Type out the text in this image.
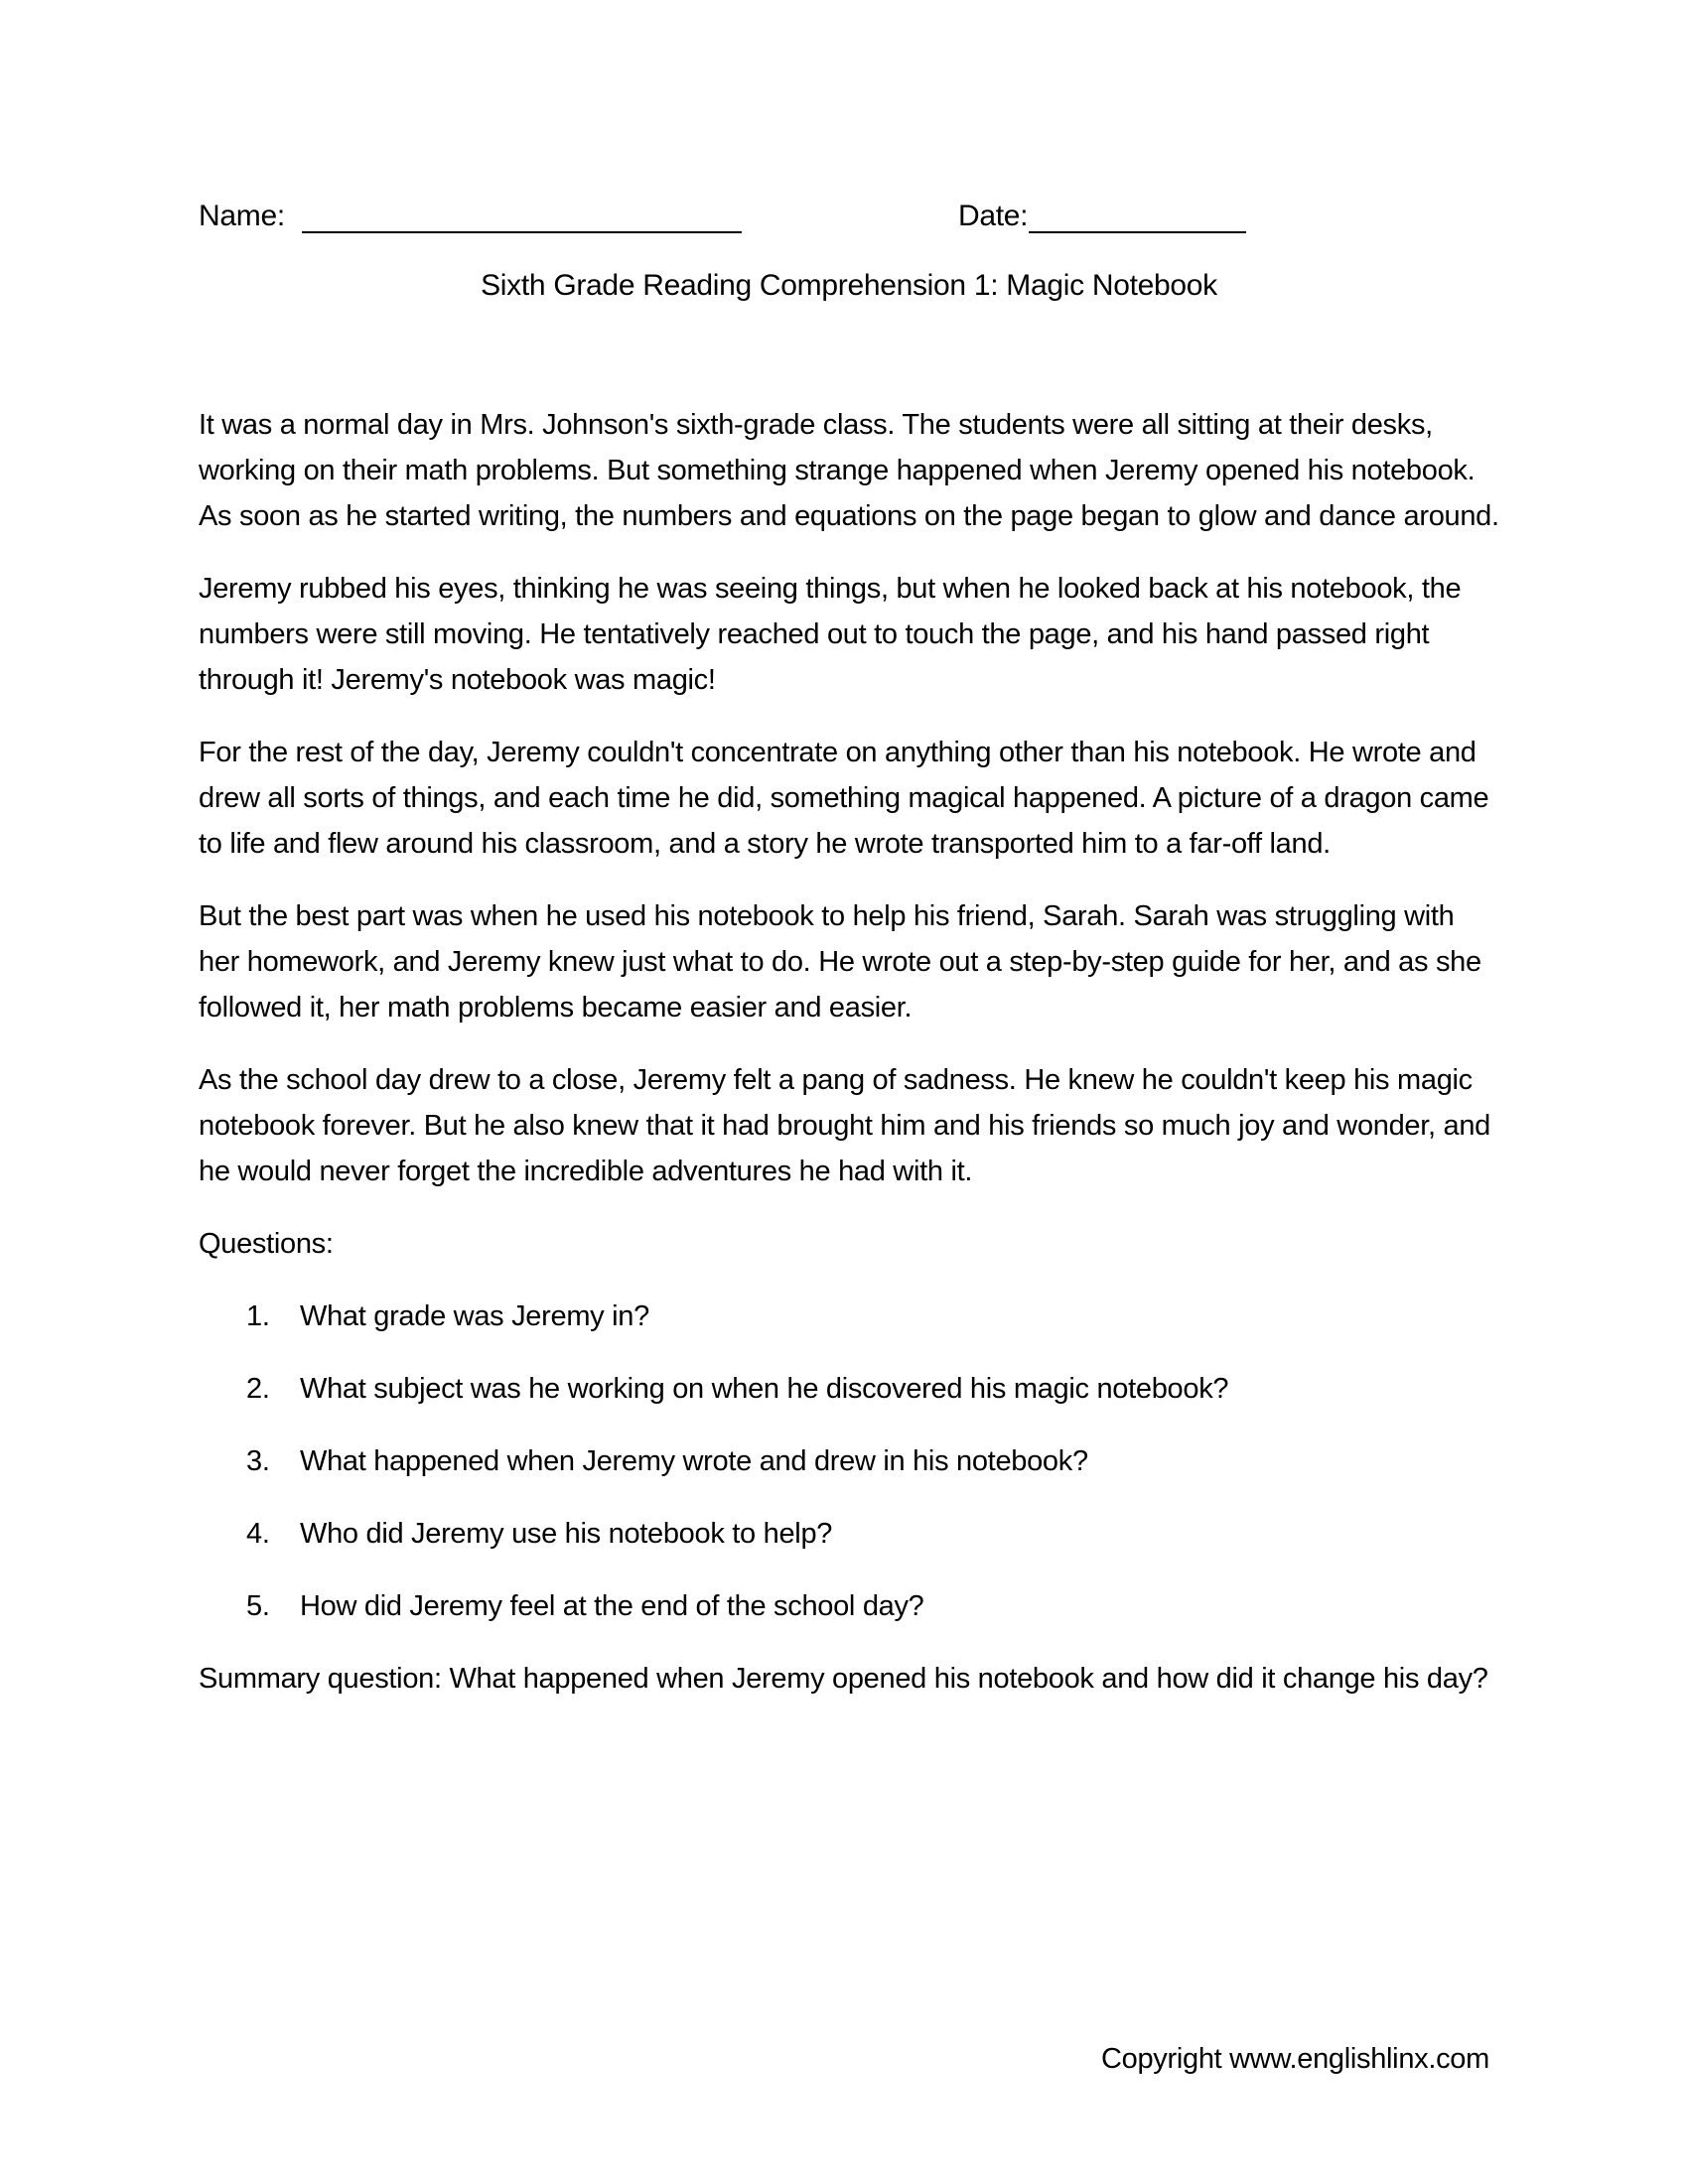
Name:	Date:
Sixth Grade Reading Comprehension 1: Magic Notebook

It was a normal day in Mrs. Johnson's sixth-grade class. The students were all sitting at their desks, working on their math problems. But something strange happened when Jeremy opened his notebook. As soon as he started writing, the numbers and equations on the page began to glow and dance around.

Jeremy rubbed his eyes, thinking he was seeing things, but when he looked back at his notebook, the numbers were still moving. He tentatively reached out to touch the page, and his hand passed right through it! Jeremy's notebook was magic!

For the rest of the day, Jeremy couldn't concentrate on anything other than his notebook. He wrote and drew all sorts of things, and each time he did, something magical happened. A picture of a dragon came to life and flew around his classroom, and a story he wrote transported him to a far-off land.

But the best part was when he used his notebook to help his friend, Sarah. Sarah was struggling with her homework, and Jeremy knew just what to do. He wrote out a step-by-step guide for her, and as she followed it, her math problems became easier and easier.

As the school day drew to a close, Jeremy felt a pang of sadness. He knew he couldn't keep his magic notebook forever. But he also knew that it had brought him and his friends so much joy and wonder, and he would never forget the incredible adventures he had with it.

Questions:

1. What grade was Jeremy in?
2. What subject was he working on when he discovered his magic notebook?
3. What happened when Jeremy wrote and drew in his notebook?
4. Who did Jeremy use his notebook to help?
5. How did Jeremy feel at the end of the school day?

Summary question: What happened when Jeremy opened his notebook and how did it change his day?

Copyright www.englishlinx.com
